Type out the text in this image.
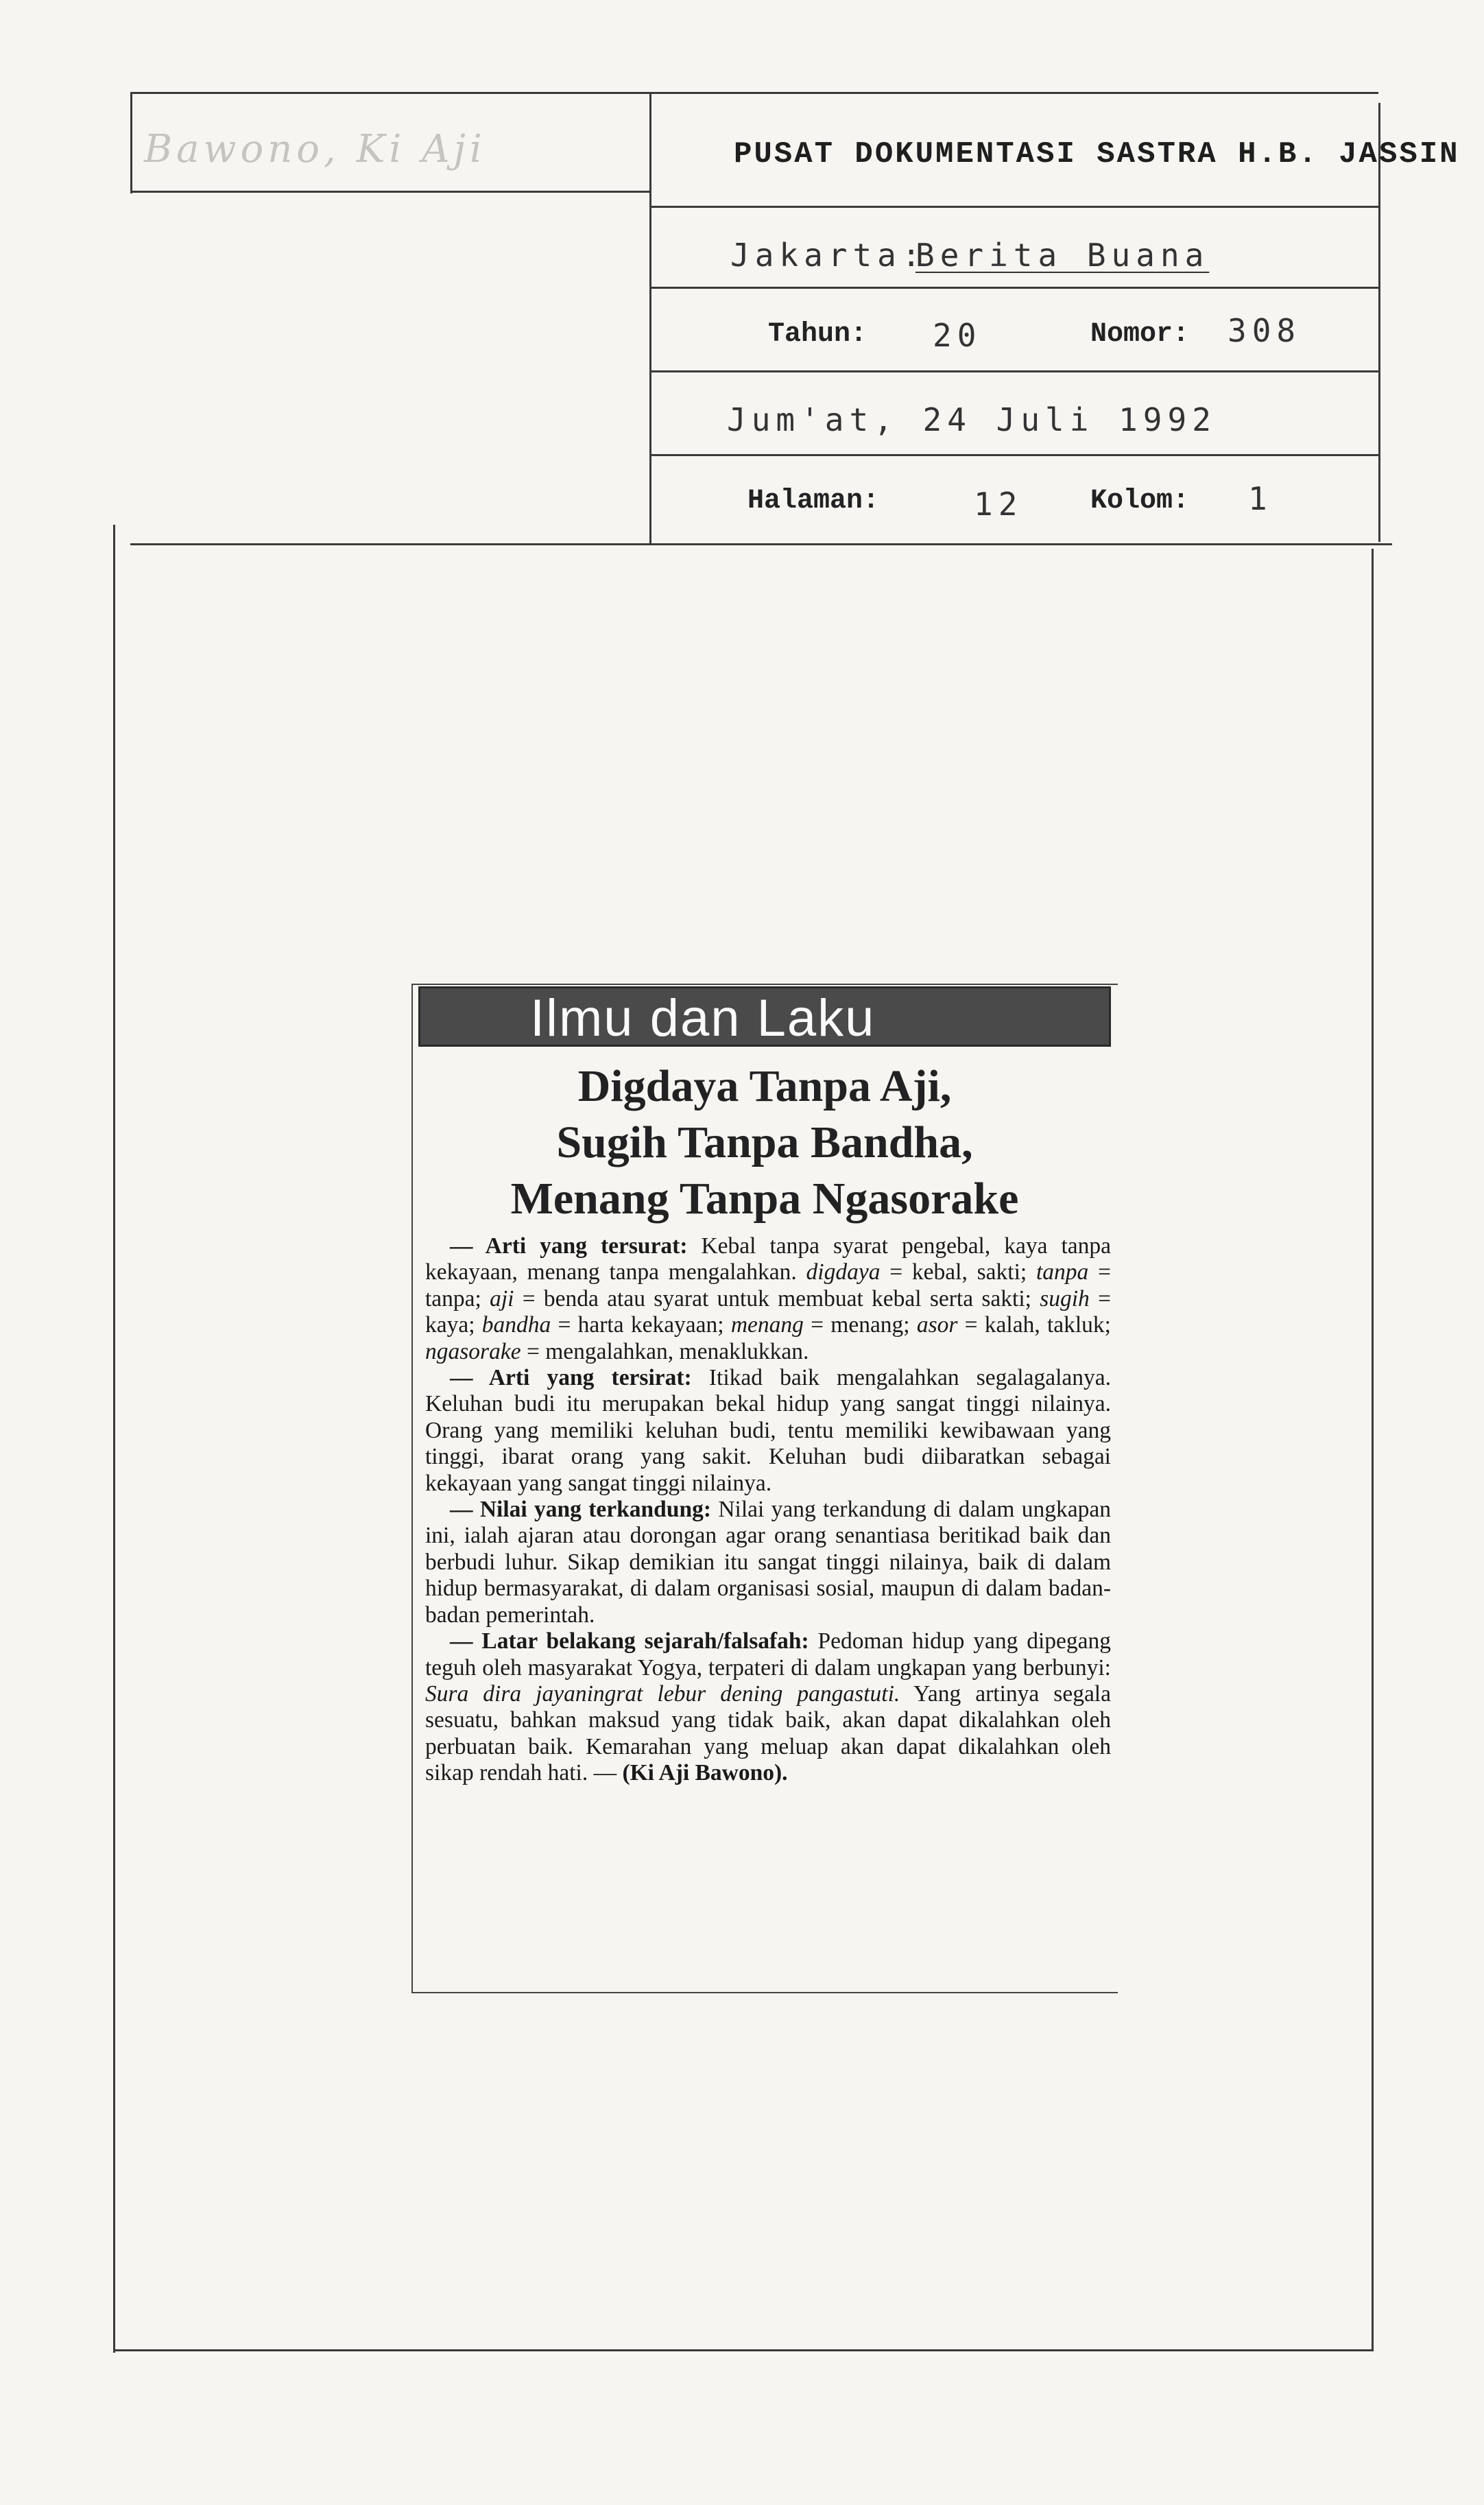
Bawono, Ki Aji	PUSAT DOKUMENTASI SASTRA H.B. JASSIN
Jakarta:
Berita Buana
Tahun: 20	Nomor: 308
Jum'at, 24 Juli 1992
Halaman:	12 Kolom: 1
Ilmu dan Laku
Digdaya Tanpa Aji,
Sugih Tanpa Bandha,
Menang Tanpa Ngasorake

— Arti yang tersurat: Kebal tanpa syarat pengebal, kaya tanpa kekayaan, menang tanpa mengalahkan. digdaya = kebal, sakti; tanpa = tanpa; aji = benda atau syarat untuk membuat kebal serta sakti; sugih = kaya; bandha = harta kekayaan; menang = menang; asor = kalah, takluk; ngasorake = mengalahkan, menaklukkan.

— Arti yang tersirat: Itikad baik mengalahkan segalagalanya. Keluhan budi itu merupakan bekal hidup yang sangat tinggi nilainya. Orang yang memiliki keluhan budi, tentu memiliki kewibawaan yang tinggi, ibarat orang yang sakit. Keluhan budi diibaratkan sebagai kekayaan yang sangat tinggi nilainya.

— Nilai yang terkandung: Nilai yang terkandung di dalam ungkapan ini, ialah ajaran atau dorongan agar orang senantiasa beritikad baik dan berbudi luhur. Sikap demikian itu sangat tinggi nilainya, baik di dalam hidup bermasyarakat, di dalam organisasi sosial, maupun di dalam badan-badan pemerintah.

— Latar belakang sejarah/falsafah: Pedoman hidup yang dipegang teguh oleh masyarakat Yogya, terpateri di dalam ungkapan yang berbunyi: Sura dira jayaningrat lebur dening pangastuti. Yang artinya segala sesuatu, bahkan maksud yang tidak baik, akan dapat dikalahkan oleh perbuatan baik. Kemarahan yang meluap akan dapat dikalahkan oleh sikap rendah hati. — (Ki Aji Bawono).
